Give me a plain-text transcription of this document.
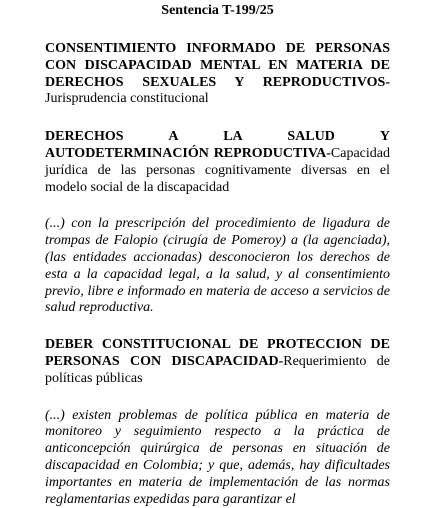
Sentencia T-199/25
CONSENTIMIENTO INFORMADO DE PERSONAS CON DISCAPACIDAD MENTAL EN MATERIA DE DERECHOS SEXUALES Y REPRODUCTIVOS-Jurisprudencia constitucional
DERECHOS A LA SALUD Y
AUTODETERMINACIÓN REPRODUCTIVA-Capacidad jurídica de las personas cognitivamente diversas en el modelo social de la discapacidad
(...) con la prescripción del procedimiento de ligadura de trompas de Falopio (cirugía de Pomeroy) a (la agenciada), (las entidades accionadas) desconocieron los derechos de esta a la capacidad legal, a la salud, y al consentimiento previo, libre e informado en materia de acceso a servicios de salud reproductiva.
DEBER CONSTITUCIONAL DE PROTECCION DE PERSONAS CON DISCAPACIDAD-Requerimiento de políticas públicas
(...) existen problemas de política pública en materia de monitoreo y seguimiento respecto a la práctica de anticoncepción quirúrgica de personas en situación de discapacidad en Colombia; y que, además, hay dificultades importantes en materia de implementación de las normas reglamentarias expedidas para garantizar el
